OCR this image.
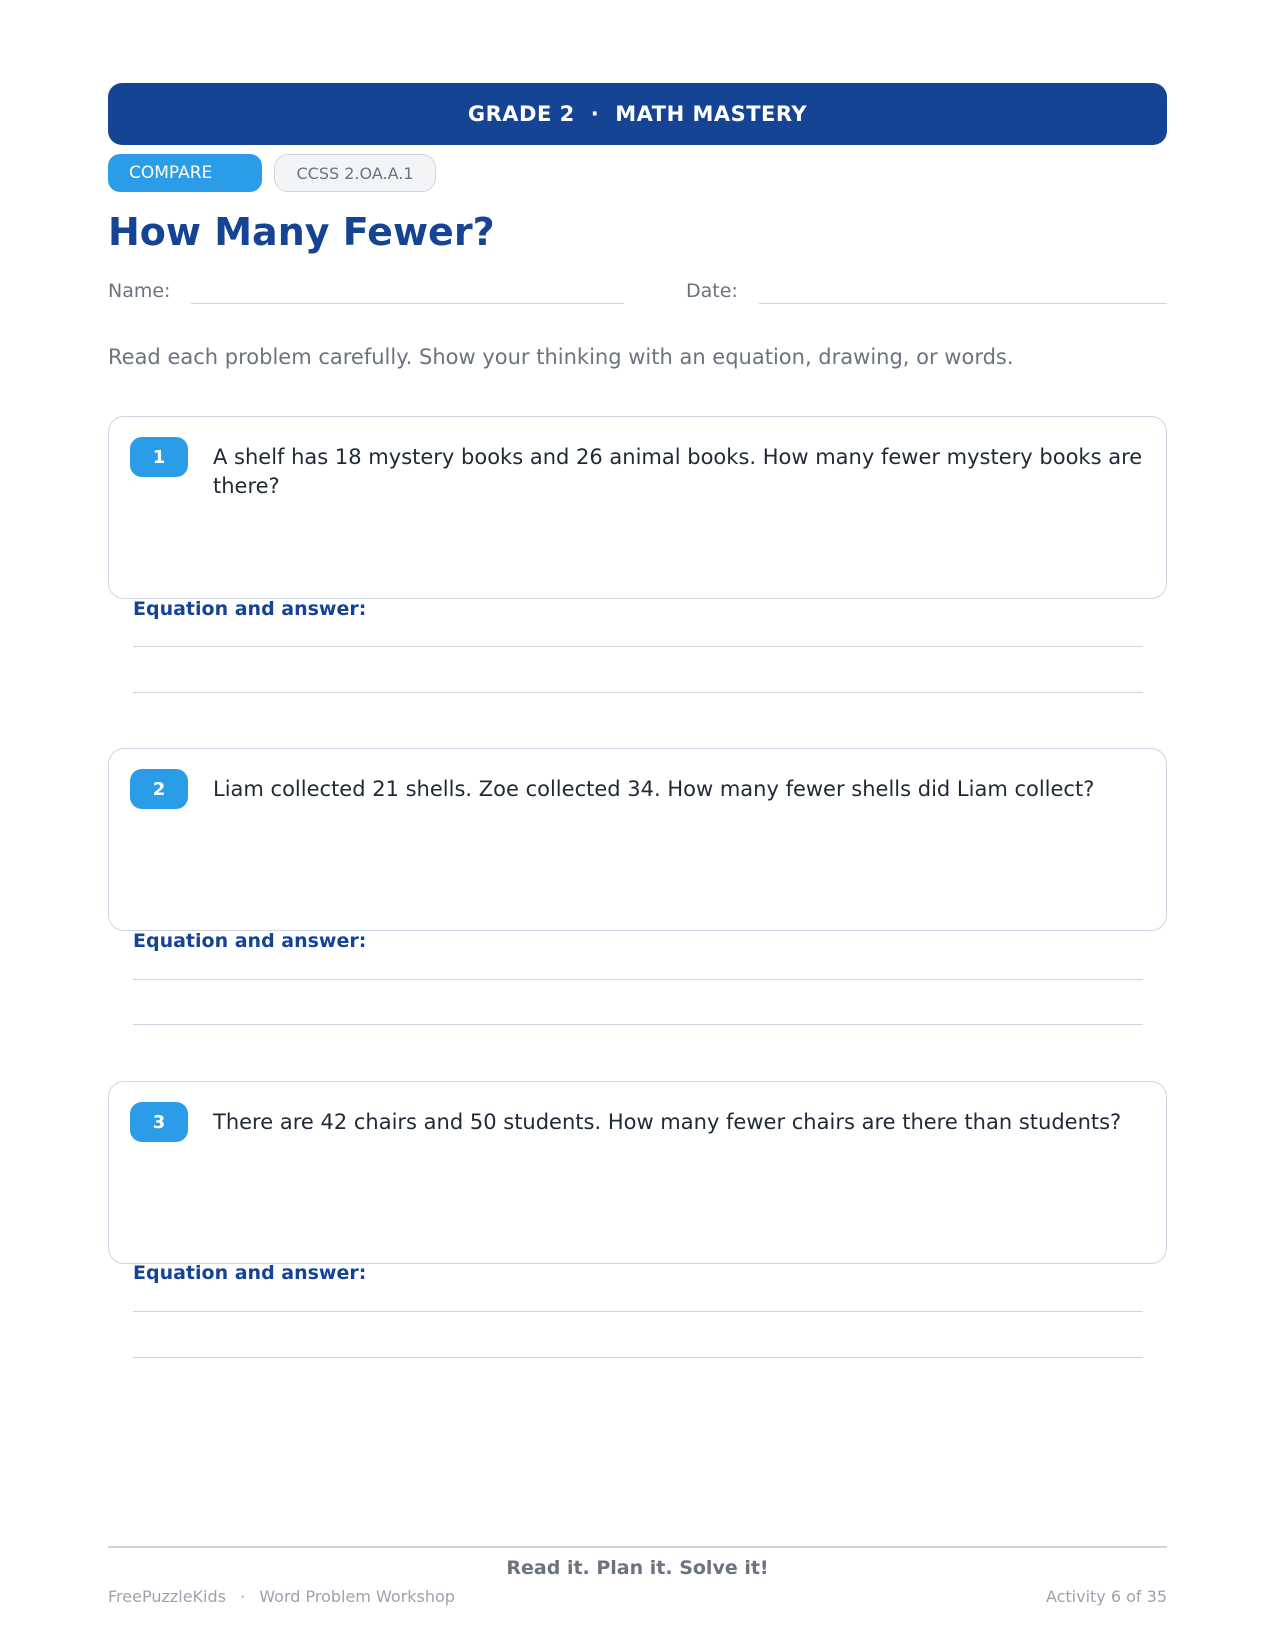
GRADE 2 · MATH MASTERY
COMPARE	CCSS 2.OA.A.1
How Many Fewer?
Name:	Date:

Read each problem carefully. Show your thinking with an equation, drawing, or words.

1	A shelf has 18 mystery books and 26 animal books. How many fewer mystery books are there?

Equation and answer:
2	Liam collected 21 shells. Zoe collected 34. How many fewer shells did Liam collect?

Equation and answer:
3	There are 42 chairs and 50 students. How many fewer chairs are there than students?

Equation and answer:
Read it. Plan it. Solve it!
FreePuzzleKids · Word Problem Workshop	Activity 6 of 35
